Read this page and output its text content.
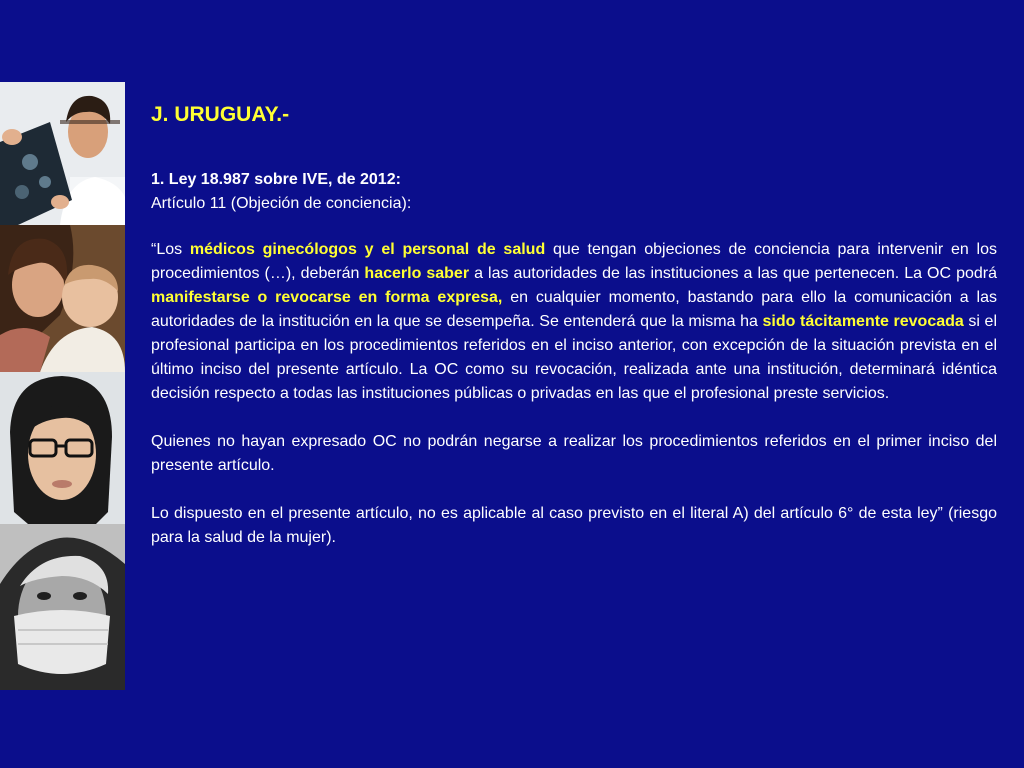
J. URUGUAY.-

1. Ley 18.987 sobre IVE, de 2012:

Artículo 11 (Objeción de conciencia):

“Los médicos ginecólogos y el personal de salud que tengan objeciones de conciencia para intervenir en los procedimientos (…), deberán hacerlo saber a las autoridades de las instituciones a las que pertenecen. La OC podrá manifestarse o revocarse en forma expresa, en cualquier momento, bastando para ello la comunicación a las autoridades de la institución en la que se desempeña. Se entenderá que la misma ha sido tácitamente revocada si el profesional participa en los procedimientos referidos en el inciso anterior, con excepción de la situación prevista en el último inciso del presente artículo. La OC como su revocación, realizada ante una institución, determinará idéntica decisión respecto a todas las instituciones públicas o privadas en las que el profesional preste servicios.

Quienes no hayan expresado OC no podrán negarse a realizar los procedimientos referidos en el primer inciso del presente artículo.

Lo dispuesto en el presente artículo, no es aplicable al caso previsto en el literal A) del artículo 6° de esta ley” (riesgo para la salud de la mujer).
